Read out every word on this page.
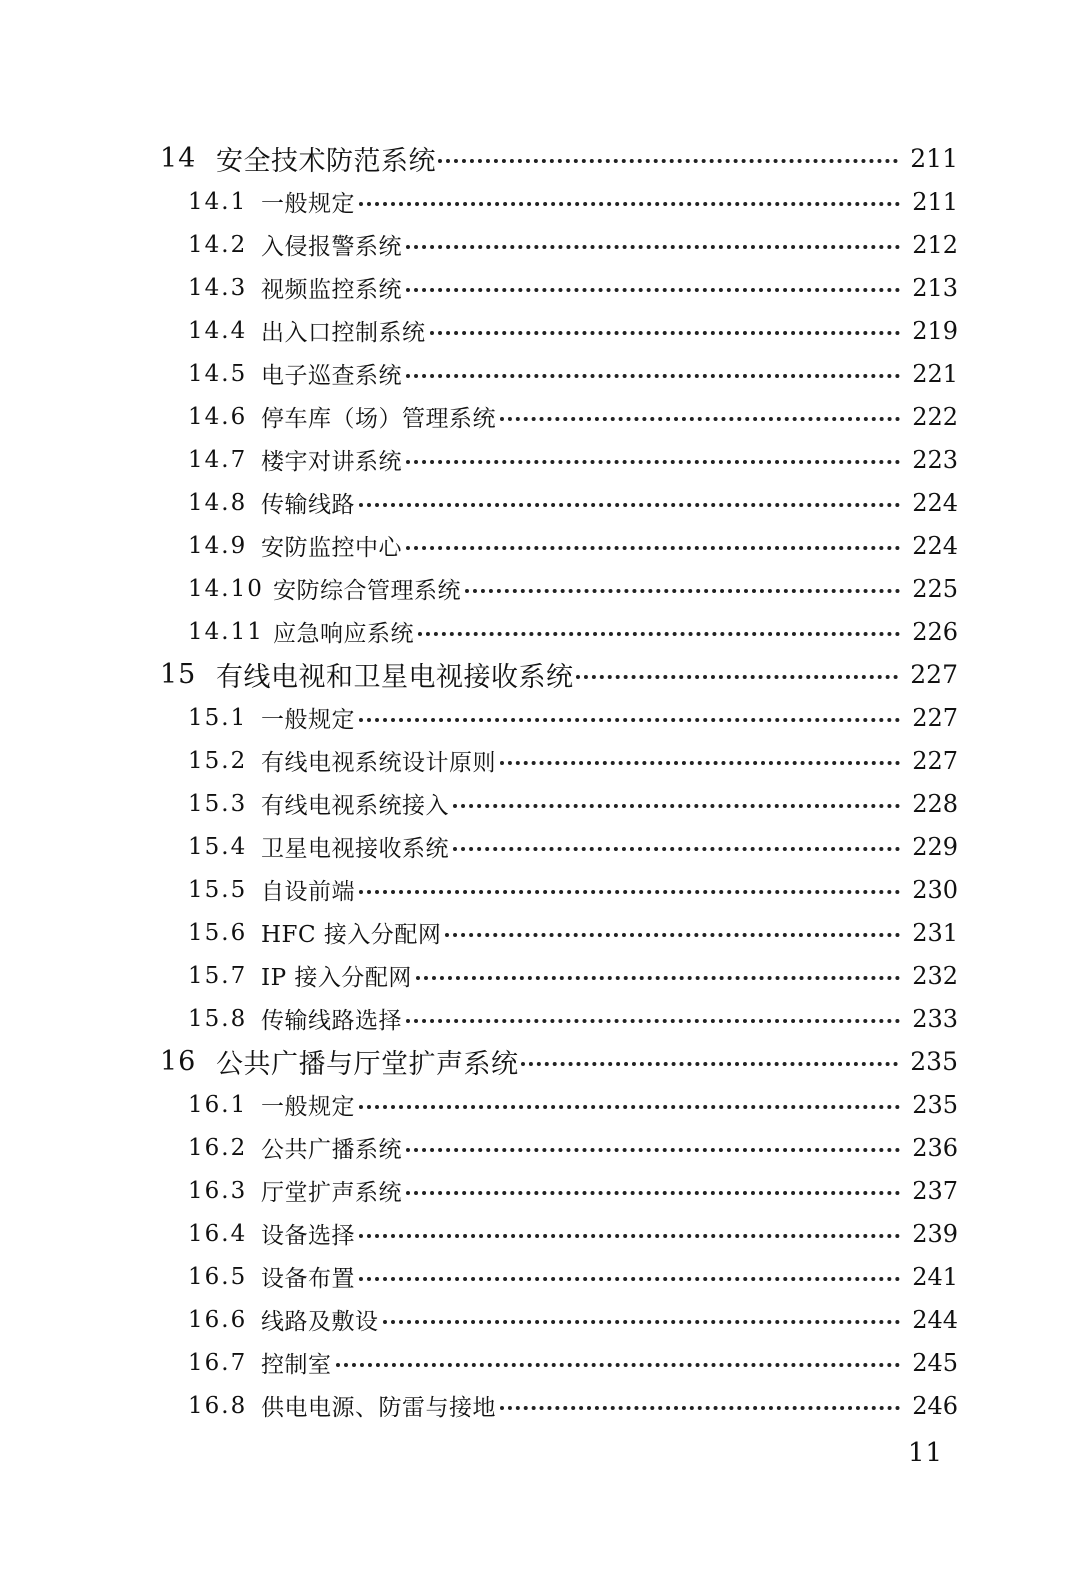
14 安全技术防范系统	211
14.1 一般规定	211
14.2 入侵报警系统	212
14.3 视频监控系统	213
14.4 出入口控制系统	219
14.5 电子巡查系统	221
14.6 停车库（场）管理系统	222
14.7 楼宇对讲系统	223
14.8 传输线路	224
14.9 安防监控中心	224
14.10 安防综合管理系统	225
14.11 应急响应系统	226
15 有线电视和卫星电视接收系统	227
15.1 一般规定	227
15.2 有线电视系统设计原则	227
15.3 有线电视系统接入	228
15.4 卫星电视接收系统	229
15.5 自设前端	230
15.6 HFC 接入分配网	231
15.7 IP 接入分配网	232
15.8 传输线路选择	233
16 公共广播与厅堂扩声系统	235
16.1 一般规定	235
16.2 公共广播系统	236
16.3 厅堂扩声系统	237
16.4 设备选择	239
16.5 设备布置	241
16.6 线路及敷设	244
16.7 控制室	245
16.8 供电电源、防雷与接地	246
11
